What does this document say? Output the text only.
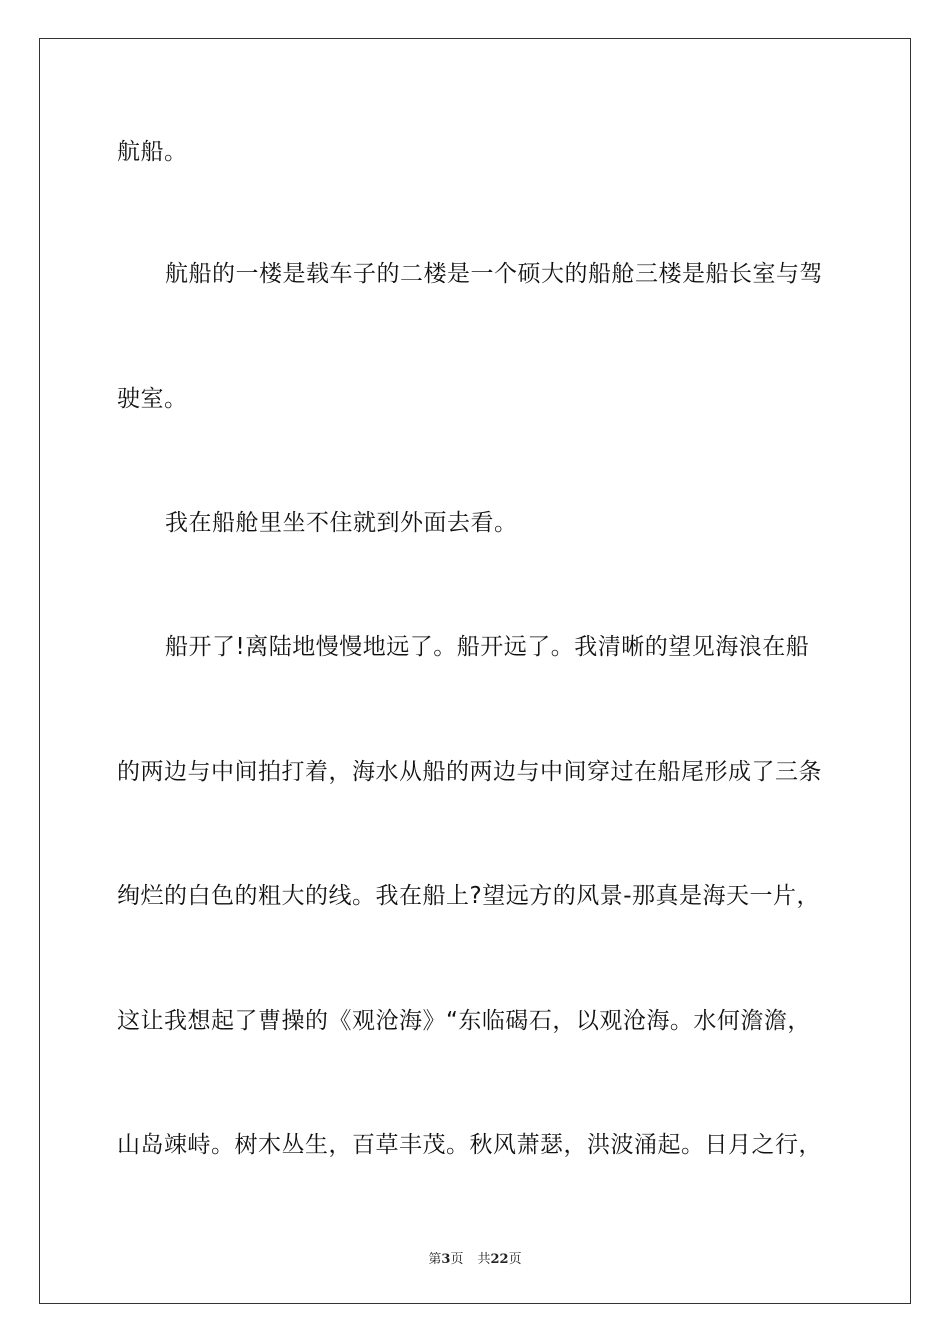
航船。
航船的一楼是载车子的二楼是一个硕大的船舱三楼是船长室与驾
驶室。
我在船舱里坐不住就到外面去看。
船开了!离陆地慢慢地远了。船开远了。我清晰的望见海浪在船
的两边与中间拍打着，海水从船的两边与中间穿过在船尾形成了三条
绚烂的白色的粗大的线。我在船上?望远方的风景-那真是海天一片，
这让我想起了曹操的《观沧海》“东临碣石，以观沧海。水何澹澹，
山岛竦峙。树木丛生，百草丰茂。秋风萧瑟，洪波涌起。日月之行，
第3页 共22页
